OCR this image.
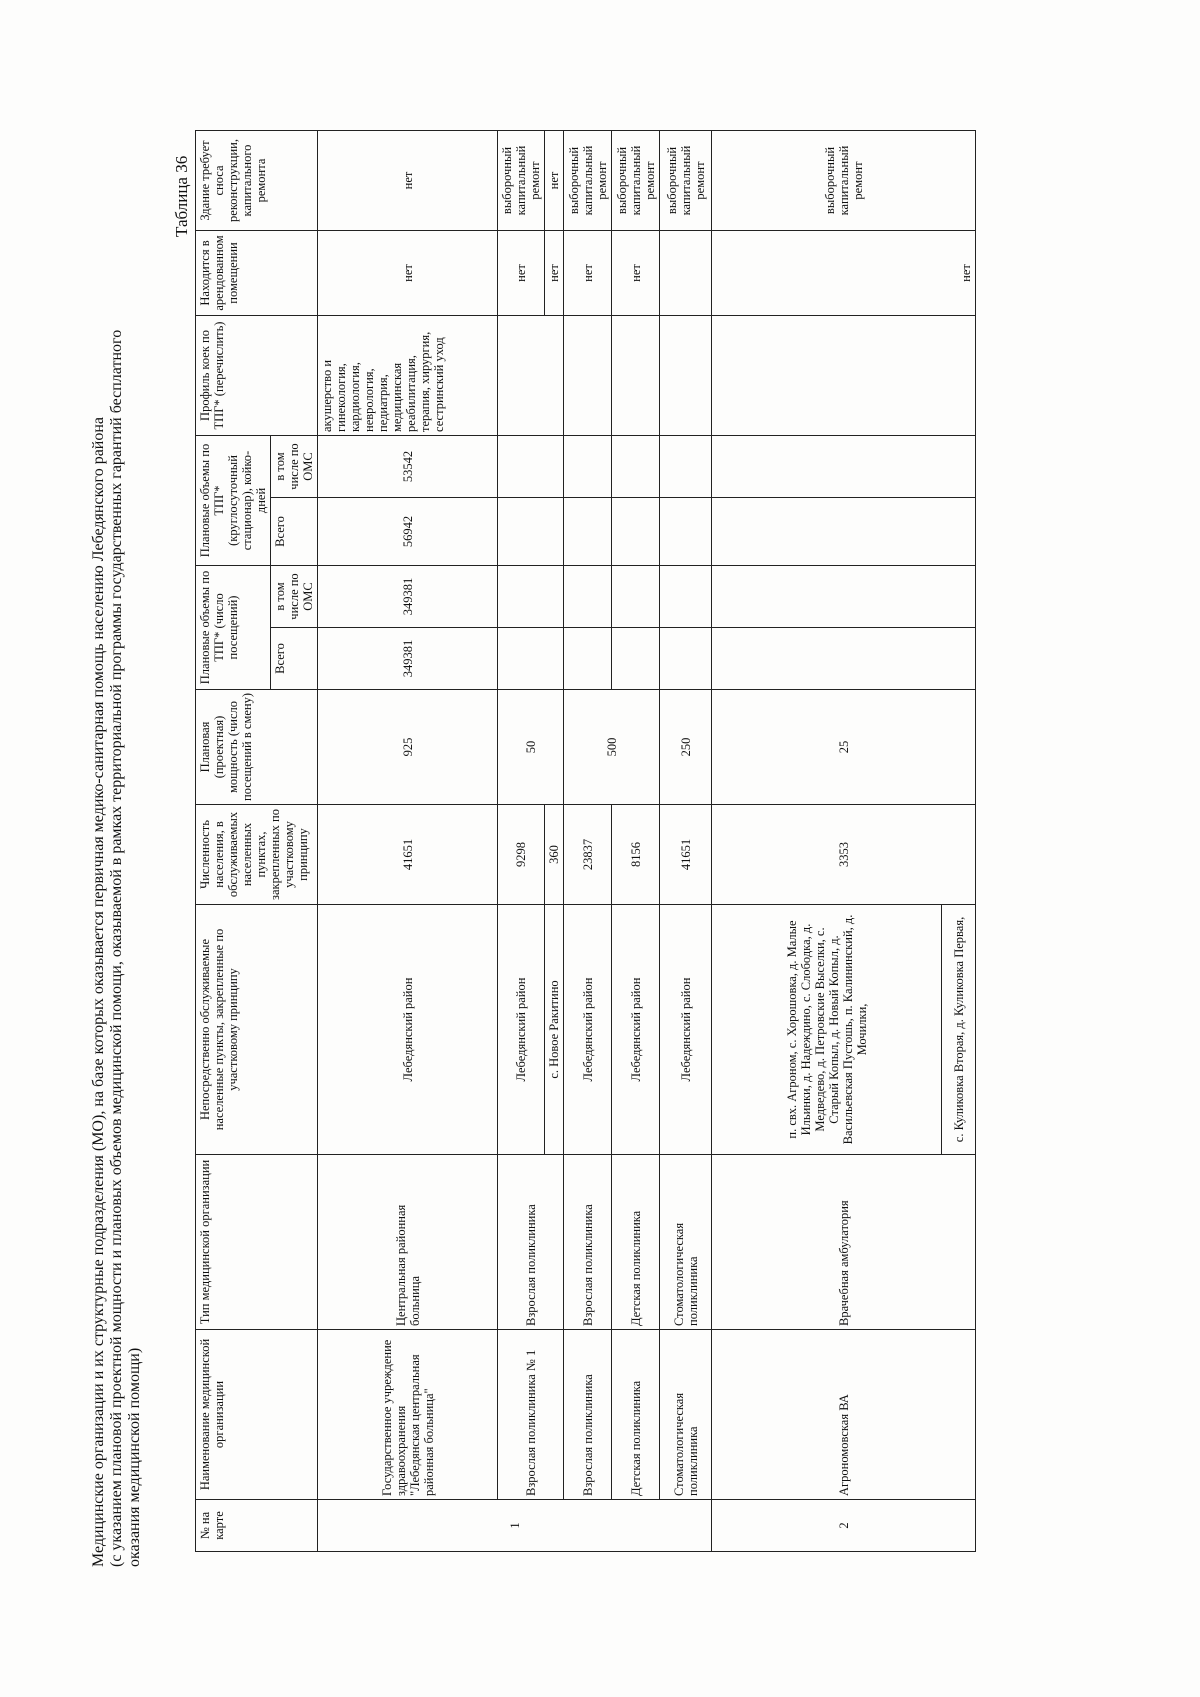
Медицинские организации и их структурные подразделения (МО), на базе которых оказывается первичная медико-санитарная помощь населению Лебедянского района (с указанием плановой проектной мощности и плановых объемов медицинской помощи, оказываемой в рамках территориальной программы государственных гарантий бесплатного оказания медицинской помощи)
Таблица 36
№ на карте	Наименование медицинской организации	Тип медицинской организации	Непосредственно обслуживаемые населенные пункты, закрепленные по участковому принципу	Численность населения, в обслуживаемых населенных пунктах, закрепленных по участковому принципу	Плановая (проектная) мощность (число посещений в смену)	Плановые объемы по ТПГ* (число посещений)		Плановые объемы по ТПГ* (круглосуточный стационар), койко-дней		Профиль коек по ТПГ* (перечислить)	Находится в арендованном помещении	Здание требует сноса реконструкции, капитального ремонта
						Всего	в том числе по ОМС	Всего	в том числе по ОМС			
1	Государственное учреждение здравоохранения "Лебедянская центральная районная больница"	Центральная районная больница	Лебедянский район	41651	925	349381	349381	56942	53542	акушерство и гинекология, кардиология, неврология, педиатрия, медицинская реабилитация, терапия, хирургия, сестринский уход	нет	нет
	Взрослая поликлиника № 1	Взрослая поликлиника	Лебедянский район	9298	50						нет	выборочный капитальный ремонт
			с. Новое Ракитино	360							нет	нет
	Взрослая поликлиника	Взрослая поликлиника	Лебедянский район	23837	500						нет	выборочный капитальный ремонт
	Детская поликлиника	Детская поликлиника	Лебедянский район	8156							нет	выборочный капитальный ремонт
	Стоматологическая поликлиника	Стоматологическая поликлиника	Лебедянский район	41651	250							выборочный капитальный ремонт
2	Агрономовская ВА	Врачебная амбулатория	п. свх. Агроном, с. Хорошовка, д. Малые Ильинки, д. Надеждино, с. Слободка, д. Медведево, д. Петровские Выселки, с. Старый Копыл, д. Новый Копыл, д. Васильевская Пустошь, п. Калининский, д. Мочилки,	3353	25						нет	выборочный капитальный ремонт
			с. Куликовка Вторая, д. Куликовка Первая,									
